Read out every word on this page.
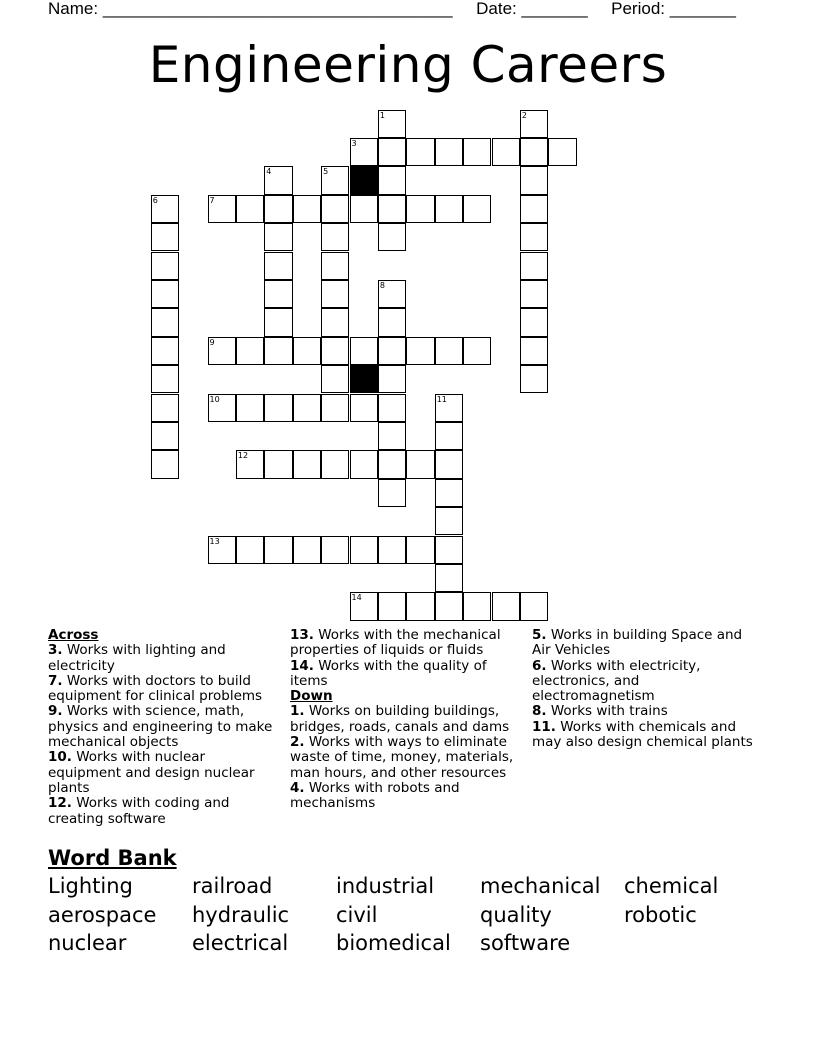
Name: _____________________________________ Date: _______ Period: _______
Engineering Careers
1	2
3
4	5
6	7
8
9
10	11
12
13
14
Across
3. Works with lighting and electricity
7. Works with doctors to build equipment for clinical problems
9. Works with science, math, physics and engineering to make mechanical objects
10. Works with nuclear equipment and design nuclear plants
12. Works with coding and creating software
13. Works with the mechanical properties of liquids or fluids
14. Works with the quality of items
Down
1. Works on building buildings, bridges, roads, canals and dams
2. Works with ways to eliminate waste of time, money, materials, man hours, and other resources
4. Works with robots and mechanisms
5. Works in building Space and Air Vehicles
6. Works with electricity, electronics, and electromagnetism
8. Works with trains
11. Works with chemicals and may also design chemical plants
Word Bank
Lighting	railroad	industrial mechanical chemical
aerospace hydraulic civil	quality	robotic
nuclear	electrical biomedical software
